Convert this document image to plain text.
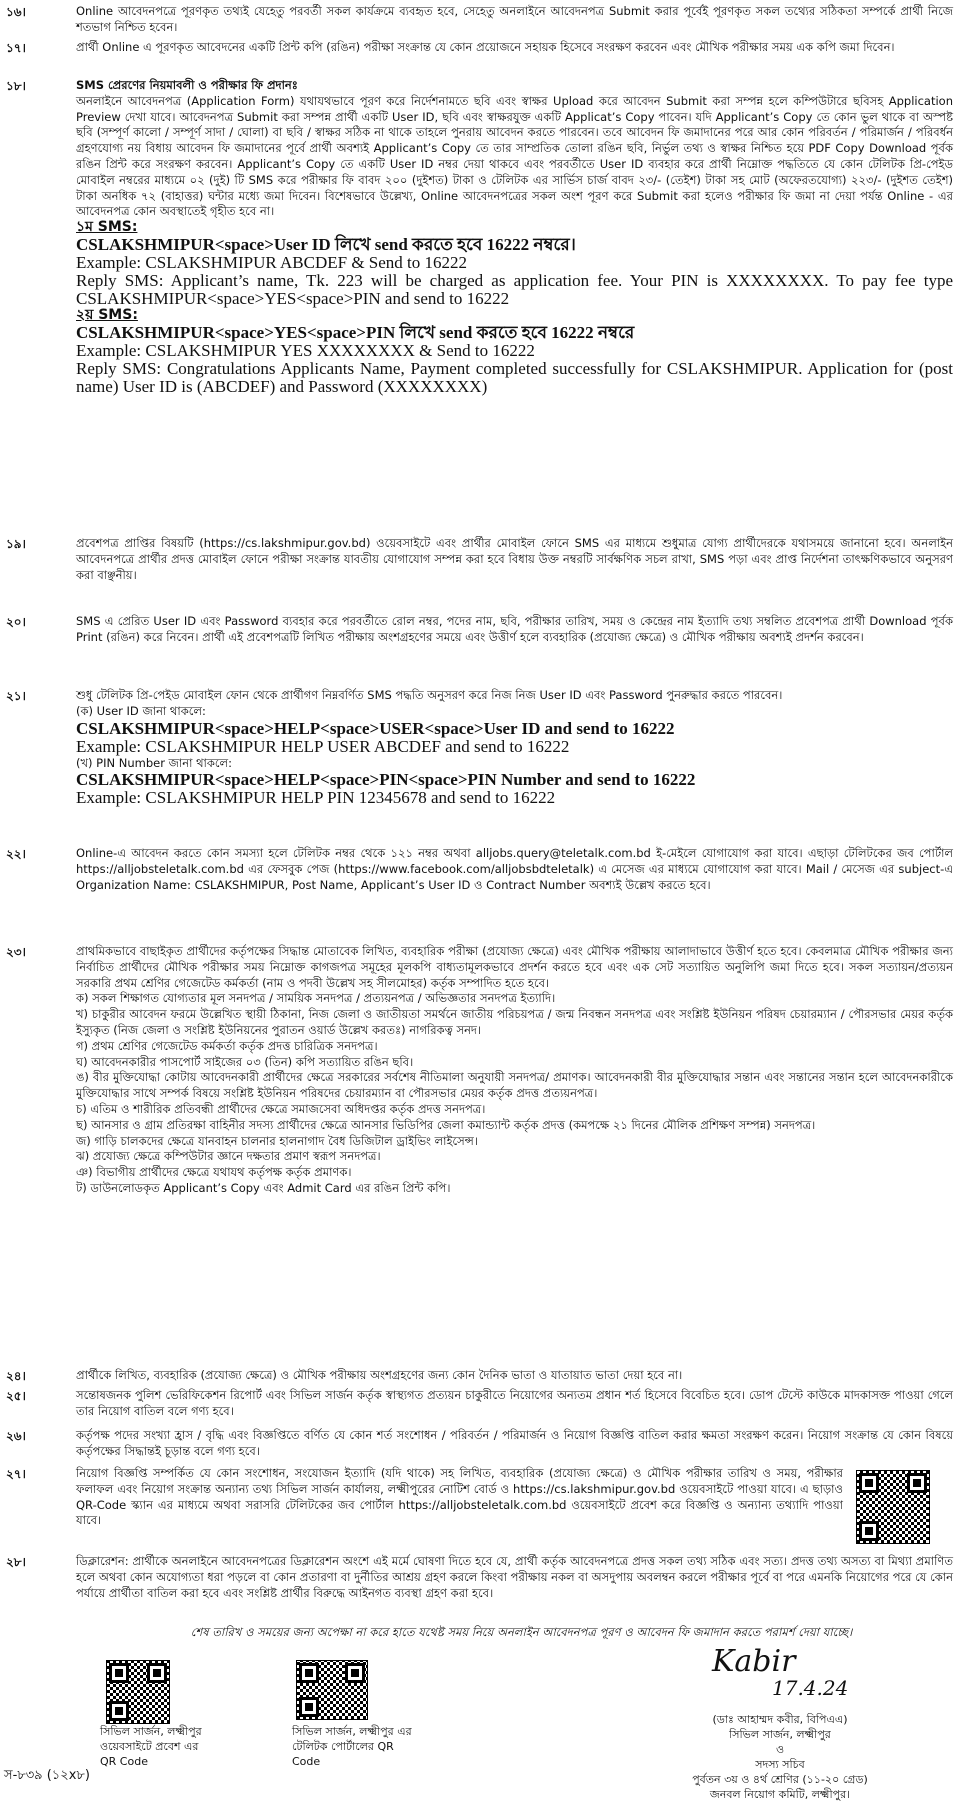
১৬।	Online আবেদনপত্রে পূরণকৃত তথ্যই যেহেতু পরবর্তী সকল কার্যক্রমে ব্যবহৃত হবে, সেহেতু অনলাইনে আবেদনপত্র Submit করার পূর্বেই পূরণকৃত সকল তথ্যের সঠিকতা সম্পর্কে প্রার্থী নিজে শতভাগ নিশ্চিত হবেন।
১৭।	প্রার্থী Online এ পূরণকৃত আবেদনের একটি প্রিন্ট কপি (রঙিন) পরীক্ষা সংক্রান্ত যে কোন প্রয়োজনে সহায়ক হিসেবে সংরক্ষণ করবেন এবং মৌখিক পরীক্ষার সময় এক কপি জমা দিবেন।
১৮।	SMS প্রেরণের নিয়মাবলী ও পরীক্ষার ফি প্রদানঃ
অনলাইনে আবেদনপত্র (Application Form) যথাযথভাবে পূরণ করে নির্দেশনামতে ছবি এবং স্বাক্ষর Upload করে আবেদন Submit করা সম্পন্ন হলে কম্পিউটারে ছবিসহ Application Preview দেখা যাবে। আবেদনপত্র Submit করা সম্পন্ন প্রার্থী একটি User ID, ছবি এবং স্বাক্ষরযুক্ত একটি Applicat’s Copy পাবেন। যদি Applicant’s Copy তে কোন ভুল থাকে বা অস্পষ্ট ছবি (সম্পূর্ণ কালো / সম্পূর্ণ সাদা / ঘোলা) বা ছবি / স্বাক্ষর সঠিক না থাকে তাহলে পুনরায় আবেদন করতে পারবেন। তবে আবেদন ফি জমাদানের পরে আর কোন পরিবর্তন / পরিমার্জন / পরিবর্ধন গ্রহণযোগ্য নয় বিধায় আবেদন ফি জমাদানের পূর্বে প্রার্থী অবশ্যই Applicant’s Copy তে তার সাম্প্রতিক তোলা রঙিন ছবি, নির্ভুল তথ্য ও স্বাক্ষর নিশ্চিত হয়ে PDF Copy Download পূর্বক রঙিন প্রিন্ট করে সংরক্ষণ করবেন। Applicant’s Copy তে একটি User ID নম্বর দেয়া থাকবে এবং পরবর্তীতে User ID ব্যবহার করে প্রার্থী নিম্নোক্ত পদ্ধতিতে যে কোন টেলিটক প্রি-পেইড মোবাইল নম্বরের মাধ্যমে ০২ (দুই) টি SMS করে পরীক্ষার ফি বাবদ ২০০ (দুইশত) টাকা ও টেলিটক এর সার্ভিস চার্জ বাবদ ২৩/- (তেইশ) টাকা সহ মোট (অফেরতযোগ্য) ২২৩/- (দুইশত তেইশ) টাকা অনধিক ৭২ (বাহাত্তর) ঘন্টার মধ্যে জমা দিবেন। বিশেষভাবে উল্লেখ্য, Online আবেদনপত্রের সকল অংশ পূরণ করে Submit করা হলেও পরীক্ষার ফি জমা না দেয়া পর্যন্ত Online - এর আবেদনপত্র কোন অবস্থাতেই গৃহীত হবে না।
১ম SMS:
CSLAKSHMIPUR<space>User ID লিখে send করতে হবে 16222 নম্বরে।
Example: CSLAKSHMIPUR ABCDEF & Send to 16222
Reply SMS: Applicant’s name, Tk. 223 will be charged as application fee. Your PIN is XXXXXXXX. To pay fee type CSLAKSHMIPUR<space>YES<space>PIN and send to 16222
২য় SMS:
CSLAKSHMIPUR<space>YES<space>PIN লিখে send করতে হবে 16222 নম্বরে
Example: CSLAKSHMIPUR YES XXXXXXXX & Send to 16222
Reply SMS: Congratulations Applicants Name, Payment completed successfully for CSLAKSHMIPUR. Application for (post name) User ID is (ABCDEF) and Password (XXXXXXXX)
১৯।	প্রবেশপত্র প্রাপ্তির বিষয়টি (https://cs.lakshmipur.gov.bd) ওয়েবসাইটে এবং প্রার্থীর মোবাইল ফোনে SMS এর মাধ্যমে শুধুমাত্র যোগ্য প্রার্থীদেরকে যথাসময়ে জানানো হবে। অনলাইন আবেদনপত্রে প্রার্থীর প্রদত্ত মোবাইল ফোনে পরীক্ষা সংক্রান্ত যাবতীয় যোগাযোগ সম্পন্ন করা হবে বিধায় উক্ত নম্বরটি সার্বক্ষণিক সচল রাখা, SMS পড়া এবং প্রাপ্ত নির্দেশনা তাৎক্ষণিকভাবে অনুসরণ করা বাঞ্ছনীয়।
২০।	SMS এ প্রেরিত User ID এবং Password ব্যবহার করে পরবর্তীতে রোল নম্বর, পদের নাম, ছবি, পরীক্ষার তারিখ, সময় ও কেন্দ্রের নাম ইত্যাদি তথ্য সম্বলিত প্রবেশপত্র প্রার্থী Download পূর্বক Print (রঙিন) করে নিবেন। প্রার্থী এই প্রবেশপত্রটি লিখিত পরীক্ষায় অংশগ্রহণের সময়ে এবং উত্তীর্ণ হলে ব্যবহারিক (প্রযোজ্য ক্ষেত্রে) ও মৌখিক পরীক্ষায় অবশ্যই প্রদর্শন করবেন।
২১।	শুধু টেলিটক প্রি-পেইড মোবাইল ফোন থেকে প্রার্থীগণ নিম্নবর্ণিত SMS পদ্ধতি অনুসরণ করে নিজ নিজ User ID এবং Password পুনরুদ্ধার করতে পারবেন।
(ক) User ID জানা থাকলে:
CSLAKSHMIPUR<space>HELP<space>USER<space>User ID and send to 16222
Example: CSLAKSHMIPUR HELP USER ABCDEF and send to 16222
(খ) PIN Number জানা থাকলে:
CSLAKSHMIPUR<space>HELP<space>PIN<space>PIN Number and send to 16222
Example: CSLAKSHMIPUR HELP PIN 12345678 and send to 16222
২২।	Online-এ আবেদন করতে কোন সমস্যা হলে টেলিটক নম্বর থেকে ১২১ নম্বর অথবা alljobs.query@teletalk.com.bd ই-মেইলে যোগাযোগ করা যাবে। এছাড়া টেলিটকের জব পোর্টাল https://alljobsteletalk.com.bd এর ফেসবুক পেজ (https://www.facebook.com/alljobsbdteletalk) এ মেসেজ এর মাধ্যমে যোগাযোগ করা যাবে। Mail / মেসেজ এর subject-এ Organization Name: CSLAKSHMIPUR, Post Name, Applicant’s User ID ও Contract Number অবশ্যই উল্লেখ করতে হবে।
২৩।	প্রাথমিকভাবে বাছাইকৃত প্রার্থীদের কর্তৃপক্ষের সিদ্ধান্ত মোতাবেক লিখিত, ব্যবহারিক পরীক্ষা (প্রযোজ্য ক্ষেত্রে) এবং মৌখিক পরীক্ষায় আলাদাভাবে উত্তীর্ণ হতে হবে। কেবলমাত্র মৌখিক পরীক্ষার জন্য নির্বাচিত প্রার্থীদের মৌখিক পরীক্ষার সময় নিম্নোক্ত কাগজপত্র সমূহের মূলকপি বাধ্যতামূলকভাবে প্রদর্শন করতে হবে এবং এক সেট সত্যায়িত অনুলিপি জমা দিতে হবে। সকল সত্যায়ন/প্রত্যয়ন সরকারি প্রথম শ্রেণির গেজেটেড কর্মকর্তা (নাম ও পদবী উল্লেখ সহ সীলমোহর) কর্তৃক সম্পাদিত হতে হবে।
ক) সকল শিক্ষাগত যোগ্যতার মূল সনদপত্র / সাময়িক সনদপত্র / প্রত্যয়নপত্র / অভিজ্ঞতার সনদপত্র ইত্যাদি।
খ) চাকুরীর আবেদন ফরমে উল্লেখিত স্থায়ী ঠিকানা, নিজ জেলা ও জাতীয়তা সমর্থনে জাতীয় পরিচয়পত্র / জন্ম নিবন্ধন সনদপত্র এবং সংশ্লিষ্ট ইউনিয়ন পরিষদ চেয়ারম্যান / পৌরসভার মেয়র কর্তৃক ইস্যুকৃত (নিজ জেলা ও সংশ্লিষ্ট ইউনিয়নের পুরাতন ওয়ার্ড উল্লেখ করতঃ) নাগরিকত্ব সনদ।
গ) প্রথম শ্রেণির গেজেটেড কর্মকর্তা কর্তৃক প্রদত্ত চারিত্রিক সনদপত্র।
ঘ) আবেদনকারীর পাসপোর্ট সাইজের ০৩ (তিন) কপি সত্যায়িত রঙিন ছবি।
ঙ) বীর মুক্তিযোদ্ধা কোটায় আবেদনকারী প্রার্থীদের ক্ষেত্রে সরকারের সর্বশেষ নীতিমালা অনুযায়ী সনদপত্র/ প্রমাণক। আবেদনকারী বীর মুক্তিযোদ্ধার সন্তান এবং সন্তানের সন্তান হলে আবেদনকারীকে মুক্তিযোদ্ধার সাথে সম্পর্ক বিষয়ে সংশ্লিষ্ট ইউনিয়ন পরিষদের চেয়ারম্যান বা পৌরসভার মেয়র কর্তৃক প্রদত্ত প্রত্যয়নপত্র।
চ) এতিম ও শারীরিক প্রতিবন্ধী প্রার্থীদের ক্ষেত্রে সমাজসেবা অধিদপ্তর কর্তৃক প্রদত্ত সনদপত্র।
ছ) আনসার ও গ্রাম প্রতিরক্ষা বাহিনীর সদস্য প্রার্থীদের ক্ষেত্রে আনসার ভিডিপির জেলা কমান্ড্যান্ট কর্তৃক প্রদত্ত (কমপক্ষে ২১ দিনের মৌলিক প্রশিক্ষণ সম্পন্ন) সনদপত্র।
জ) গাড়ি চালকদের ক্ষেত্রে যানবাহন চালনার হালনাগাদ বৈধ ডিজিটাল ড্রাইভিং লাইসেন্স।
ঝ) প্রযোজ্য ক্ষেত্রে কম্পিউটার জ্ঞানে দক্ষতার প্রমাণ স্বরূপ সনদপত্র।
ঞ) বিভাগীয় প্রার্থীদের ক্ষেত্রে যথাযথ কর্তৃপক্ষ কর্তৃক প্রমাণক।
ট) ডাউনলোডকৃত Applicant’s Copy এবং Admit Card এর রঙিন প্রিন্ট কপি।
২৪।	প্রার্থীকে লিখিত, ব্যবহারিক (প্রযোজ্য ক্ষেত্রে) ও মৌখিক পরীক্ষায় অংশগ্রহণের জন্য কোন দৈনিক ভাতা ও যাতায়াত ভাতা দেয়া হবে না।
২৫।	সন্তোষজনক পুলিশ ভেরিফিকেশন রিপোর্ট এবং সিভিল সার্জন কর্তৃক স্বাস্থ্যগত প্রত্যয়ন চাকুরীতে নিয়োগের অন্যতম প্রধান শর্ত হিসেবে বিবেচিত হবে। ডোপ টেস্টে কাউকে মাদকাসক্ত পাওয়া গেলে তার নিয়োগ বাতিল বলে গণ্য হবে।
২৬।	কর্তৃপক্ষ পদের সংখ্যা হ্রাস / বৃদ্ধি এবং বিজ্ঞপ্তিতে বর্ণিত যে কোন শর্ত সংশোধন / পরিবর্তন / পরিমার্জন ও নিয়োগ বিজ্ঞপ্তি বাতিল করার ক্ষমতা সংরক্ষণ করেন। নিয়োগ সংক্রান্ত যে কোন বিষয়ে কর্তৃপক্ষের সিদ্ধান্তই চূড়ান্ত বলে গণ্য হবে।
২৭।	নিয়োগ বিজ্ঞপ্তি সম্পর্কিত যে কোন সংশোধন, সংযোজন ইত্যাদি (যদি থাকে) সহ লিখিত, ব্যবহারিক (প্রযোজ্য ক্ষেত্রে) ও মৌখিক পরীক্ষার তারিখ ও সময়, পরীক্ষার ফলাফল এবং নিয়োগ সংক্রান্ত অন্যান্য তথ্য সিভিল সার্জন কার্যালয়, লক্ষ্মীপুরের নোটিশ বোর্ড ও https://cs.lakshmipur.gov.bd ওয়েবসাইটে পাওয়া যাবে। এ ছাড়াও QR-Code স্ক্যান এর মাধ্যমে অথবা সরাসরি টেলিটকের জব পোর্টাল https://alljobsteletalk.com.bd ওয়েবসাইটে প্রবেশ করে বিজ্ঞপ্তি ও অন্যান্য তথ্যাদি পাওয়া যাবে।
২৮।	ডিক্লারেশন: প্রার্থীকে অনলাইনে আবেদনপত্রের ডিক্লারেশন অংশে এই মর্মে ঘোষণা দিতে হবে যে, প্রার্থী কর্তৃক আবেদনপত্রে প্রদত্ত সকল তথ্য সঠিক এবং সত্য। প্রদত্ত তথ্য অসত্য বা মিথ্যা প্রমাণিত হলে অথবা কোন অযোগ্যতা ধরা পড়লে বা কোন প্রতারণা বা দুর্নীতির আশ্রয় গ্রহণ করলে কিংবা পরীক্ষায় নকল বা অসদুপায় অবলম্বন করলে পরীক্ষার পূর্বে বা পরে এমনকি নিয়োগের পরে যে কোন পর্যায়ে প্রার্থীতা বাতিল করা হবে এবং সংশ্লিষ্ট প্রার্থীর বিরুদ্ধে আইনগত ব্যবস্থা গ্রহণ করা হবে।
শেষ তারিখ ও সময়ের জন্য অপেক্ষা না করে হাতে যথেষ্ট সময় নিয়ে অনলাইন আবেদনপত্র পূরণ ও আবেদন ফি জমাদান করতে পরামর্শ দেয়া যাচ্ছে।
সিভিল সার্জন, লক্ষ্মীপুর
ওয়েবসাইটে প্রবেশ এর
QR Code
সিভিল সার্জন, লক্ষ্মীপুর এর
টেলিটক পোর্টালের QR
Code
Kabir
17.4.24
(ডাঃ আহাম্মদ কবীর, বিপিএএ)
সিভিল সার্জন, লক্ষ্মীপুর
ও
সদস্য সচিব
পুর্বতন ৩য় ও ৪র্থ শ্রেণির (১১-২০ গ্রেড)
জনবল নিয়োগ কমিটি, লক্ষ্মীপুর।
স-৮৩৯ (১২x৮)
